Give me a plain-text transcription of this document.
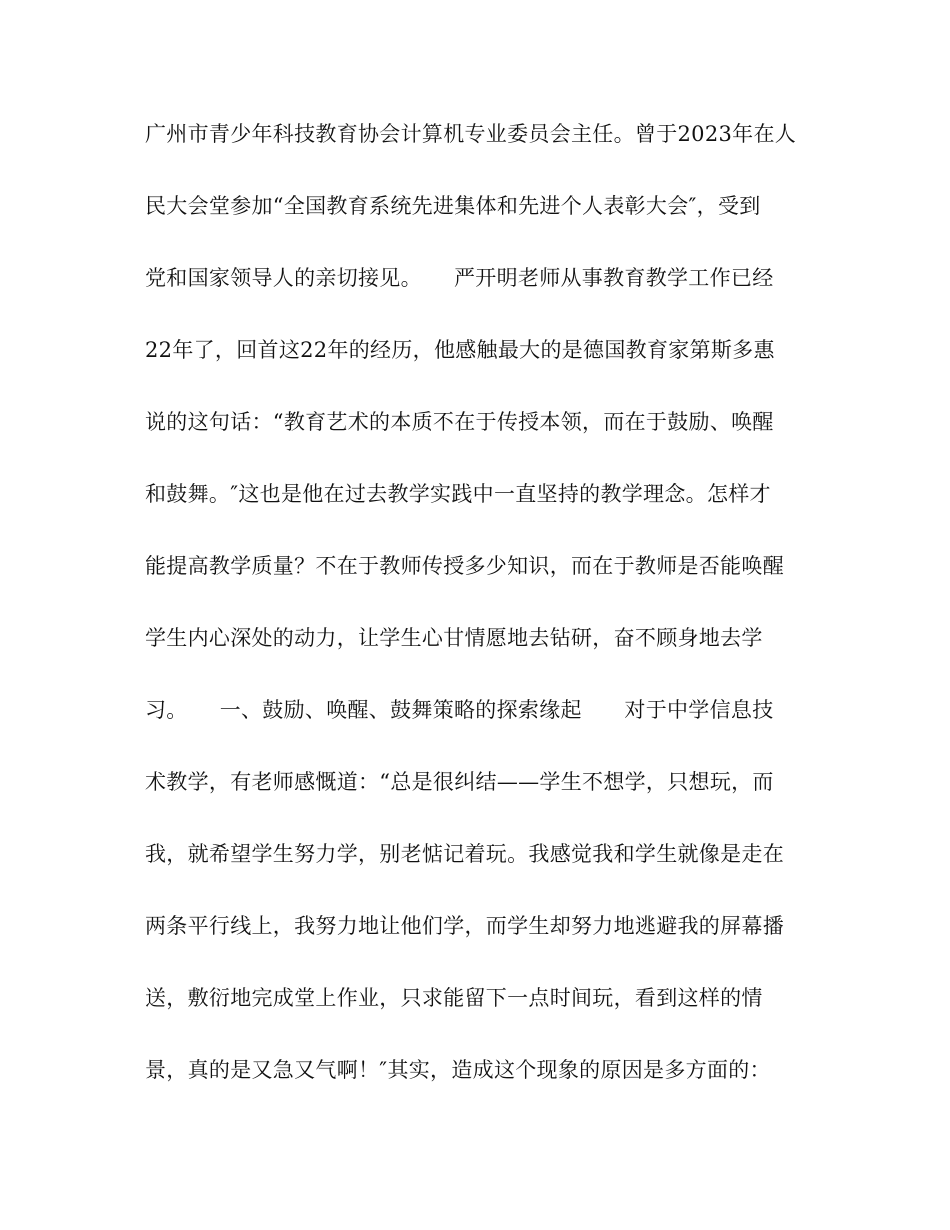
广州市青少年科技教育协会计算机专业委员会主任。曾于2023年在人
民大会堂参加“全国教育系统先进集体和先进个人表彰大会″，受到
党和国家领导人的亲切接见。　　严开明老师从事教育教学工作已经
22年了，回首这22年的经历，他感触最大的是德国教育家第斯多惠
说的这句话：“教育艺术的本质不在于传授本领，而在于鼓励、唤醒
和鼓舞。″这也是他在过去教学实践中一直坚持的教学理念。怎样才
能提高教学质量？不在于教师传授多少知识，而在于教师是否能唤醒
学生内心深处的动力，让学生心甘情愿地去钻研，奋不顾身地去学
习。　　一、鼓励、唤醒、鼓舞策略的探索缘起　　对于中学信息技
术教学，有老师感慨道：“总是很纠结——学生不想学，只想玩，而
我，就希望学生努力学，别老惦记着玩。我感觉我和学生就像是走在
两条平行线上，我努力地让他们学，而学生却努力地逃避我的屏幕播
送，敷衍地完成堂上作业，只求能留下一点时间玩，看到这样的情
景，真的是又急又气啊！″其实，造成这个现象的原因是多方面的：
